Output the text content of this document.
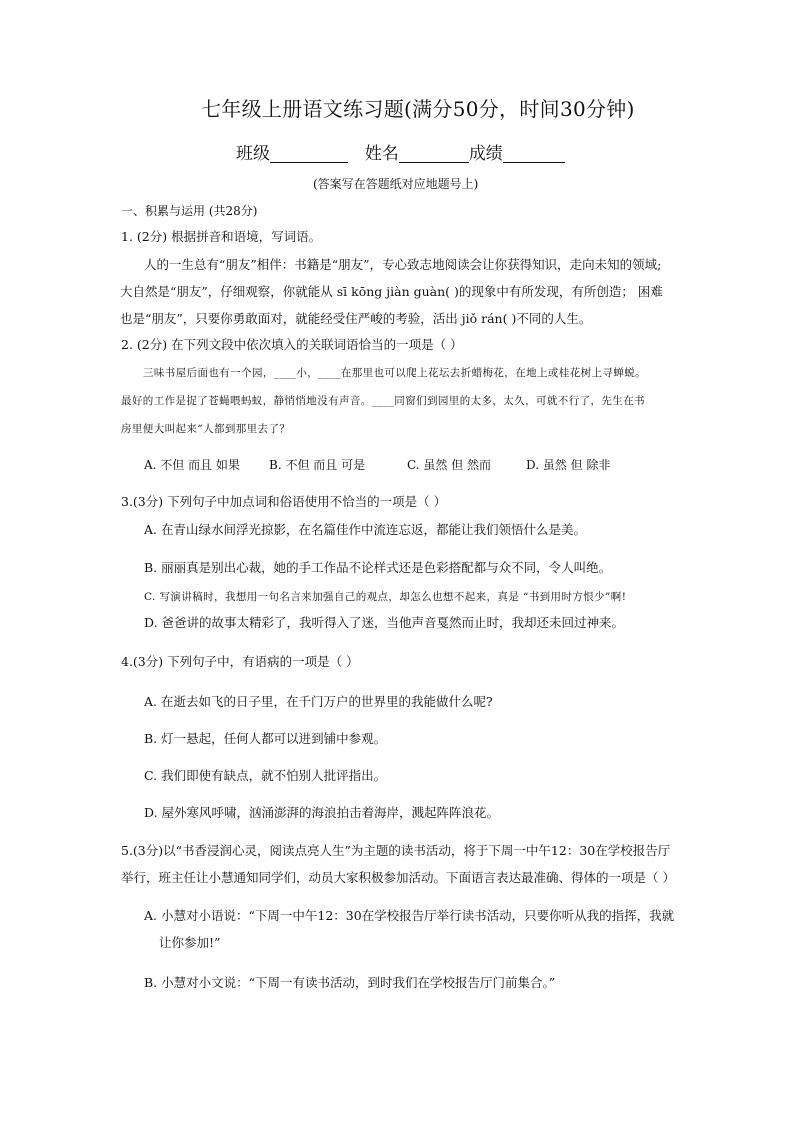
七年级上册语文练习题(满分50分，时间30分钟)
班级	姓名	成绩
(答案写在答题纸对应地题号上)
一、积累与运用 (共28分)
1. (2分) 根据拼音和语境，写词语。
人的一生总有“朋友”相伴：书籍是“朋友”，专心致志地阅读会让你获得知识，走向未知的领域;
大自然是“朋友”，仔细观察，你就能从 sī kōng jiàn guàn( )的现象中有所发现，有所创造； 困难
也是“朋友”，只要你勇敢面对，就能经受住严峻的考验，活出 jiǒ rán( )不同的人生。
2. (2分) 在下列文段中依次填入的关联词语恰当的一项是（ ）
三味书屋后面也有一个园，____小，____在那里也可以爬上花坛去折蜡梅花，在地上或桂花树上寻蝉蜕。
最好的工作是捉了苍蝇喂蚂蚁，静悄悄地没有声音。____同窗们到园里的太多，太久，可就不行了，先生在书
房里便大叫起来“人都到那里去了？
A. 不但 而且 如果 B. 不但 而且 可是	C. 虽然 但 然而	D. 虽然 但 除非
3.(3分) 下列句子中加点词和俗语使用不恰当的一项是（ ）
A. 在青山绿水间浮光掠影，在名篇佳作中流连忘返，都能让我们领悟什么是美。
B. 丽丽真是别出心裁，她的手工作品不论样式还是色彩搭配都与众不同，令人叫绝。
C. 写演讲稿时，我想用一句名言来加强自己的观点，却怎么也想不起来，真是 “书到用时方恨少”啊!
D. 爸爸讲的故事太精彩了，我听得入了迷，当他声音戛然而止时，我却还未回过神来。
4.(3分) 下列句子中，有语病的一项是（ ）
A. 在逝去如飞的日子里，在千门万户的世界里的我能做什么呢?
B. 灯一悬起，任何人都可以进到铺中参观。
C. 我们即使有缺点，就不怕别人批评指出。
D. 屋外寒风呼啸，汹涌澎湃的海浪拍击着海岸，溅起阵阵浪花。
5.(3分)以“书香浸润心灵，阅读点亮人生”为主题的读书活动，将于下周一中午12：30在学校报告厅
举行，班主任让小慧通知同学们，动员大家积极参加活动。下面语言表达最准确、得体的一项是（ ）
A. 小慧对小语说：“下周一中午12：30在学校报告厅举行读书活动，只要你听从我的指挥，我就
让你参加!”
B. 小慧对小文说：“下周一有读书活动，到时我们在学校报告厅门前集合。”
